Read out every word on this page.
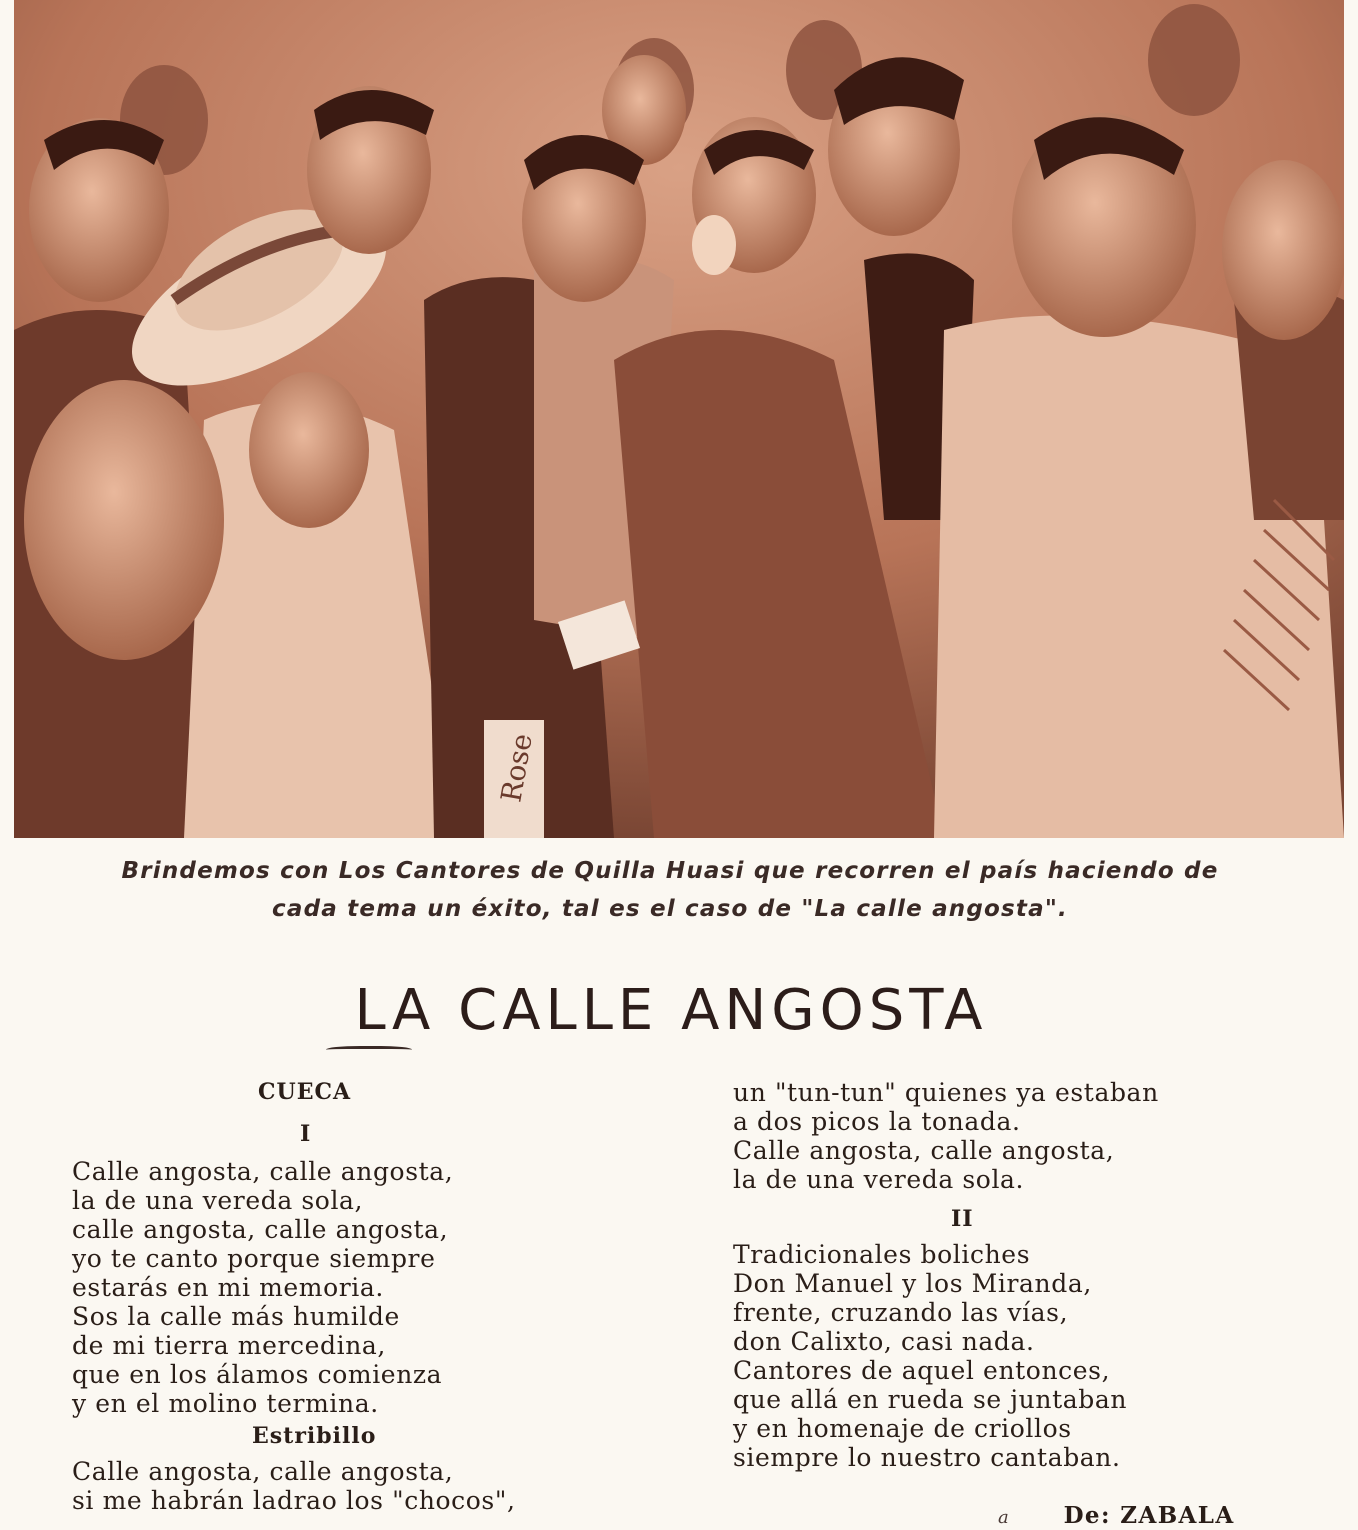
Rose

Brindemos con Los Cantores de Quilla Huasi que recorren el país haciendo de

cada tema un éxito, tal es el caso de "La calle angosta".

LA CALLE ANGOSTA
CUECA
I
Calle angosta, calle angosta,
la de una vereda sola,
calle angosta, calle angosta,
yo te canto porque siempre
estarás en mi memoria.
Sos la calle más humilde
de mi tierra mercedina,
que en los álamos comienza
y en el molino termina.
Estribillo
Calle angosta, calle angosta,
si me habrán ladrao los "chocos",
un "tun-tun" quienes ya estaban
a dos picos la tonada.
Calle angosta, calle angosta,
la de una vereda sola.
II
Tradicionales boliches
Don Manuel y los Miranda,
frente, cruzando las vías,
don Calixto, casi nada.
Cantores de aquel entonces,
que allá en rueda se juntaban
y en homenaje de criollos
siempre lo nuestro cantaban.
a De: ZABALA
